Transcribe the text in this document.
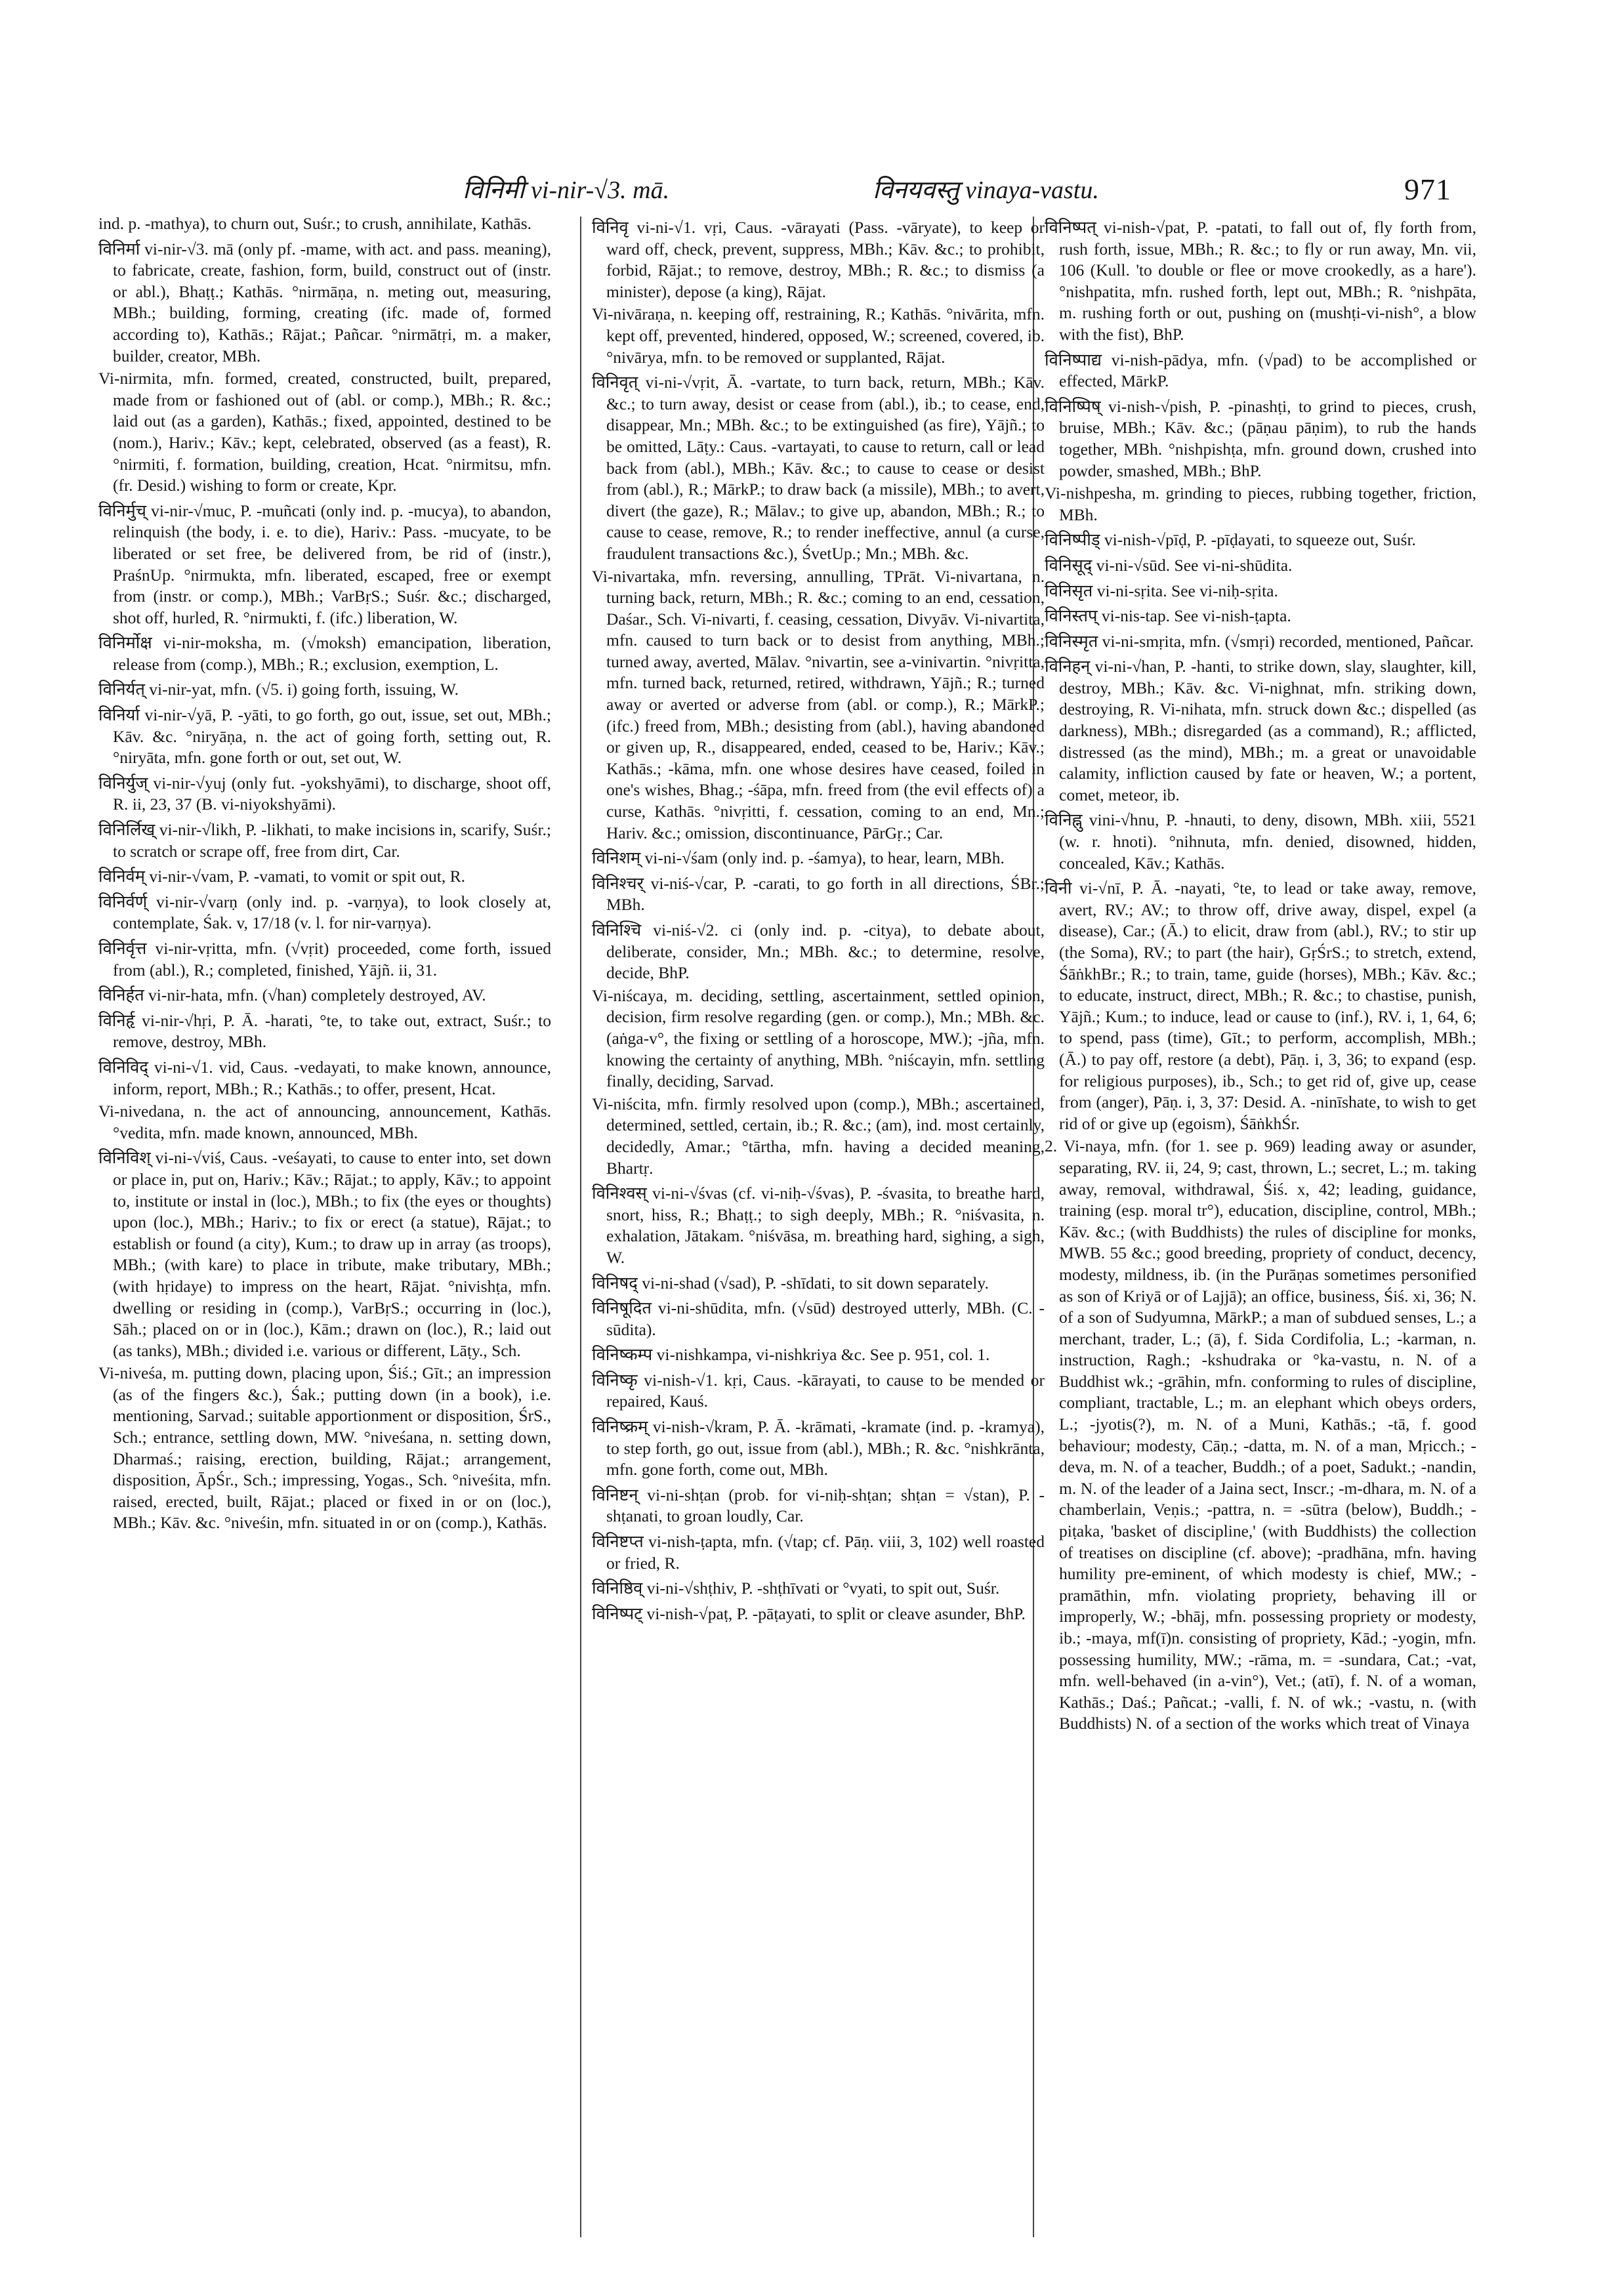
विनिमी vi-nir-√3. mā.	विनयवस्तु vinaya-vastu.	971

ind. p. -mathya), to churn out, Suśr.; to crush, annihilate, Kathās.

विनिर्मा vi-nir-√3. mā (only pf. -mame, with act. and pass. meaning), to fabricate, create, fashion, form, build, construct out of (instr. or abl.), Bhaṭṭ.; Kathās. °nirmāṇa, n. meting out, measuring, MBh.; building, forming, creating (ifc. made of, formed according to), Kathās.; Rājat.; Pañcar. °nirmātṛi, m. a maker, builder, creator, MBh.

Vi-nirmita, mfn. formed, created, constructed, built, prepared, made from or fashioned out of (abl. or comp.), MBh.; R. &c.; laid out (as a garden), Kathās.; fixed, appointed, destined to be (nom.), Hariv.; Kāv.; kept, celebrated, observed (as a feast), R. °nirmiti, f. formation, building, creation, Hcat. °nirmitsu, mfn. (fr. Desid.) wishing to form or create, Kpr.

विनिर्मुच् vi-nir-√muc, P. -muñcati (only ind. p. -mucya), to abandon, relinquish (the body, i. e. to die), Hariv.: Pass. -mucyate, to be liberated or set free, be delivered from, be rid of (instr.), PraśnUp. °nirmukta, mfn. liberated, escaped, free or exempt from (instr. or comp.), MBh.; VarBṛS.; Suśr. &c.; discharged, shot off, hurled, R. °nirmukti, f. (ifc.) liberation, W.

विनिर्मोक्ष vi-nir-moksha, m. (√moksh) emancipation, liberation, release from (comp.), MBh.; R.; exclusion, exemption, L.

विनिर्यत् vi-nir-yat, mfn. (√5. i) going forth, issuing, W.

विनिर्या vi-nir-√yā, P. -yāti, to go forth, go out, issue, set out, MBh.; Kāv. &c. °niryāṇa, n. the act of going forth, setting out, R. °niryāta, mfn. gone forth or out, set out, W.

विनिर्युज् vi-nir-√yuj (only fut. -yokshyāmi), to discharge, shoot off, R. ii, 23, 37 (B. vi-niyokshyāmi).

विनिर्लिख् vi-nir-√likh, P. -likhati, to make incisions in, scarify, Suśr.; to scratch or scrape off, free from dirt, Car.

विनिर्वम् vi-nir-√vam, P. -vamati, to vomit or spit out, R.

विनिर्वर्ण् vi-nir-√varṇ (only ind. p. -varṇya), to look closely at, contemplate, Śak. v, 17/18 (v. l. for nir-varṇya).

विनिर्वृत्त vi-nir-vṛitta, mfn. (√vṛit) proceeded, come forth, issued from (abl.), R.; completed, finished, Yājñ. ii, 31.

विनिर्हत vi-nir-hata, mfn. (√han) completely destroyed, AV.

विनिर्हृ vi-nir-√hṛi, P. Ā. -harati, °te, to take out, extract, Suśr.; to remove, destroy, MBh.

विनिविद् vi-ni-√1. vid, Caus. -vedayati, to make known, announce, inform, report, MBh.; R.; Kathās.; to offer, present, Hcat.

Vi-nivedana, n. the act of announcing, announcement, Kathās. °vedita, mfn. made known, announced, MBh.

विनिविश् vi-ni-√viś, Caus. -veśayati, to cause to enter into, set down or place in, put on, Hariv.; Kāv.; Rājat.; to apply, Kāv.; to appoint to, institute or instal in (loc.), MBh.; to fix (the eyes or thoughts) upon (loc.), MBh.; Hariv.; to fix or erect (a statue), Rājat.; to establish or found (a city), Kum.; to draw up in array (as troops), MBh.; (with kare) to place in tribute, make tributary, MBh.; (with hṛidaye) to impress on the heart, Rājat. °nivishṭa, mfn. dwelling or residing in (comp.), VarBṛS.; occurring in (loc.), Sāh.; placed on or in (loc.), Kām.; drawn on (loc.), R.; laid out (as tanks), MBh.; divided i.e. various or different, Lāṭy., Sch.

Vi-niveśa, m. putting down, placing upon, Śiś.; Gīt.; an impression (as of the fingers &c.), Śak.; putting down (in a book), i.e. mentioning, Sarvad.; suitable apportionment or disposition, ŚrS., Sch.; entrance, settling down, MW. °niveśana, n. setting down, Dharmaś.; raising, erection, building, Rājat.; arrangement, disposition, ĀpŚr., Sch.; impressing, Yogas., Sch. °niveśita, mfn. raised, erected, built, Rājat.; placed or fixed in or on (loc.), MBh.; Kāv. &c. °niveśin, mfn. situated in or on (comp.), Kathās.

विनिवृ vi-ni-√1. vṛi, Caus. -vārayati (Pass. -vāryate), to keep or ward off, check, prevent, suppress, MBh.; Kāv. &c.; to prohibit, forbid, Rājat.; to remove, destroy, MBh.; R. &c.; to dismiss (a minister), depose (a king), Rājat.

Vi-nivāraṇa, n. keeping off, restraining, R.; Kathās. °nivārita, mfn. kept off, prevented, hindered, opposed, W.; screened, covered, ib. °nivārya, mfn. to be removed or supplanted, Rājat.

विनिवृत् vi-ni-√vṛit, Ā. -vartate, to turn back, return, MBh.; Kāv. &c.; to turn away, desist or cease from (abl.), ib.; to cease, end, disappear, Mn.; MBh. &c.; to be extinguished (as fire), Yājñ.; to be omitted, Lāṭy.: Caus. -vartayati, to cause to return, call or lead back from (abl.), MBh.; Kāv. &c.; to cause to cease or desist from (abl.), R.; MārkP.; to draw back (a missile), MBh.; to avert, divert (the gaze), R.; Mālav.; to give up, abandon, MBh.; R.; to cause to cease, remove, R.; to render ineffective, annul (a curse, fraudulent transactions &c.), ŚvetUp.; Mn.; MBh. &c.

Vi-nivartaka, mfn. reversing, annulling, TPrāt. Vi-nivartana, n. turning back, return, MBh.; R. &c.; coming to an end, cessation, Daśar., Sch. Vi-nivarti, f. ceasing, cessation, Divyāv. Vi-nivartita, mfn. caused to turn back or to desist from anything, MBh.; turned away, averted, Mālav. °nivartin, see a-vinivartin. °nivṛitta, mfn. turned back, returned, retired, withdrawn, Yājñ.; R.; turned away or averted or adverse from (abl. or comp.), R.; MārkP.; (ifc.) freed from, MBh.; desisting from (abl.), having abandoned or given up, R., disappeared, ended, ceased to be, Hariv.; Kāv.; Kathās.; -kāma, mfn. one whose desires have ceased, foiled in one's wishes, Bhag.; -śāpa, mfn. freed from (the evil effects of) a curse, Kathās. °nivṛitti, f. cessation, coming to an end, Mn.; Hariv. &c.; omission, discontinuance, PārGṛ.; Car.

विनिशम् vi-ni-√śam (only ind. p. -śamya), to hear, learn, MBh.

विनिश्चर् vi-niś-√car, P. -carati, to go forth in all directions, ŚBr.; MBh.

विनिश्चि vi-niś-√2. ci (only ind. p. -citya), to debate about, deliberate, consider, Mn.; MBh. &c.; to determine, resolve, decide, BhP.

Vi-niścaya, m. deciding, settling, ascertainment, settled opinion, decision, firm resolve regarding (gen. or comp.), Mn.; MBh. &c. (aṅga-v°, the fixing or settling of a horoscope, MW.); -jña, mfn. knowing the certainty of anything, MBh. °niścayin, mfn. settling finally, deciding, Sarvad.

Vi-niścita, mfn. firmly resolved upon (comp.), MBh.; ascertained, determined, settled, certain, ib.; R. &c.; (am), ind. most certainly, decidedly, Amar.; °tārtha, mfn. having a decided meaning, Bhartṛ.

विनिश्वस् vi-ni-√śvas (cf. vi-niḥ-√śvas), P. -śvasita, to breathe hard, snort, hiss, R.; Bhaṭṭ.; to sigh deeply, MBh.; R. °niśvasita, n. exhalation, Jātakam. °niśvāsa, m. breathing hard, sighing, a sigh, W.

विनिषद् vi-ni-shad (√sad), P. -shīdati, to sit down separately.

विनिषूदित vi-ni-shūdita, mfn. (√sūd) destroyed utterly, MBh. (C. -sūdita).

विनिष्कम्प vi-nishkampa, vi-nishkriya &c. See p. 951, col. 1.

विनिष्कृ vi-nish-√1. kṛi, Caus. -kārayati, to cause to be mended or repaired, Kauś.

विनिष्क्रम् vi-nish-√kram, P. Ā. -krāmati, -kramate (ind. p. -kramya), to step forth, go out, issue from (abl.), MBh.; R. &c. °nishkrānta, mfn. gone forth, come out, MBh.

विनिष्टन् vi-ni-shṭan (prob. for vi-niḥ-shṭan; shṭan = √stan), P. -shṭanati, to groan loudly, Car.

विनिष्टप्त vi-nish-ṭapta, mfn. (√tap; cf. Pāṇ. viii, 3, 102) well roasted or fried, R.

विनिष्ठिव् vi-ni-√shṭhiv, P. -shṭhīvati or °vyati, to spit out, Suśr.

विनिष्पट् vi-nish-√paṭ, P. -pāṭayati, to split or cleave asunder, BhP.

विनिष्पत् vi-nish-√pat, P. -patati, to fall out of, fly forth from, rush forth, issue, MBh.; R. &c.; to fly or run away, Mn. vii, 106 (Kull. 'to double or flee or move crookedly, as a hare'). °nishpatita, mfn. rushed forth, lept out, MBh.; R. °nishpāta, m. rushing forth or out, pushing on (mushṭi-vi-nish°, a blow with the fist), BhP.

विनिष्पाद्य vi-nish-pādya, mfn. (√pad) to be accomplished or effected, MārkP.

विनिष्पिष् vi-nish-√pish, P. -pinashṭi, to grind to pieces, crush, bruise, MBh.; Kāv. &c.; (pāṇau pāṇim), to rub the hands together, MBh. °nishpishṭa, mfn. ground down, crushed into powder, smashed, MBh.; BhP.

Vi-nishpesha, m. grinding to pieces, rubbing together, friction, MBh.

विनिष्पीड् vi-nish-√pīḍ, P. -pīḍayati, to squeeze out, Suśr.

विनिसूद् vi-ni-√sūd. See vi-ni-shūdita.

विनिसृत vi-ni-sṛita. See vi-niḥ-sṛita.

विनिस्तप् vi-nis-tap. See vi-nish-ṭapta.

विनिस्मृत vi-ni-smṛita, mfn. (√smṛi) recorded, mentioned, Pañcar.

विनिहन् vi-ni-√han, P. -hanti, to strike down, slay, slaughter, kill, destroy, MBh.; Kāv. &c. Vi-nighnat, mfn. striking down, destroying, R. Vi-nihata, mfn. struck down &c.; dispelled (as darkness), MBh.; disregarded (as a command), R.; afflicted, distressed (as the mind), MBh.; m. a great or unavoidable calamity, infliction caused by fate or heaven, W.; a portent, comet, meteor, ib.

विनिह्नु vini-√hnu, P. -hnauti, to deny, disown, MBh. xiii, 5521 (w. r. hnoti). °nihnuta, mfn. denied, disowned, hidden, concealed, Kāv.; Kathās.

विनी vi-√nī, P. Ā. -nayati, °te, to lead or take away, remove, avert, RV.; AV.; to throw off, drive away, dispel, expel (a disease), Car.; (Ā.) to elicit, draw from (abl.), RV.; to stir up (the Soma), RV.; to part (the hair), GṛŚrS.; to stretch, extend, ŚāṅkhBr.; R.; to train, tame, guide (horses), MBh.; Kāv. &c.; to educate, instruct, direct, MBh.; R. &c.; to chastise, punish, Yājñ.; Kum.; to induce, lead or cause to (inf.), RV. i, 1, 64, 6; to spend, pass (time), Gīt.; to perform, accomplish, MBh.; (Ā.) to pay off, restore (a debt), Pāṇ. i, 3, 36; to expand (esp. for religious purposes), ib., Sch.; to get rid of, give up, cease from (anger), Pāṇ. i, 3, 37: Desid. A. -ninīshate, to wish to get rid of or give up (egoism), ŚāṅkhŚr.

2. Vi-naya, mfn. (for 1. see p. 969) leading away or asunder, separating, RV. ii, 24, 9; cast, thrown, L.; secret, L.; m. taking away, removal, withdrawal, Śiś. x, 42; leading, guidance, training (esp. moral tr°), education, discipline, control, MBh.; Kāv. &c.; (with Buddhists) the rules of discipline for monks, MWB. 55 &c.; good breeding, propriety of conduct, decency, modesty, mildness, ib. (in the Purāṇas sometimes personified as son of Kriyā or of Lajjā); an office, business, Śiś. xi, 36; N. of a son of Sudyumna, MārkP.; a man of subdued senses, L.; a merchant, trader, L.; (ā), f. Sida Cordifolia, L.; -karman, n. instruction, Ragh.; -kshudraka or °ka-vastu, n. N. of a Buddhist wk.; -grāhin, mfn. conforming to rules of discipline, compliant, tractable, L.; m. an elephant which obeys orders, L.; -jyotis(?), m. N. of a Muni, Kathās.; -tā, f. good behaviour; modesty, Cāṇ.; -datta, m. N. of a man, Mṛicch.; -deva, m. N. of a teacher, Buddh.; of a poet, Sadukt.; -nandin, m. N. of the leader of a Jaina sect, Inscr.; -m-dhara, m. N. of a chamberlain, Veṇis.; -pattra, n. = -sūtra (below), Buddh.; -piṭaka, 'basket of discipline,' (with Buddhists) the collection of treatises on discipline (cf. above); -pradhāna, mfn. having humility pre-eminent, of which modesty is chief, MW.; -pramāthin, mfn. violating propriety, behaving ill or improperly, W.; -bhāj, mfn. possessing propriety or modesty, ib.; -maya, mf(ī)n. consisting of propriety, Kād.; -yogin, mfn. possessing humility, MW.; -rāma, m. = -sundara, Cat.; -vat, mfn. well-behaved (in a-vin°), Vet.; (atī), f. N. of a woman, Kathās.; Daś.; Pañcat.; -valli, f. N. of wk.; -vastu, n. (with Buddhists) N. of a section of the works which treat of Vinaya
